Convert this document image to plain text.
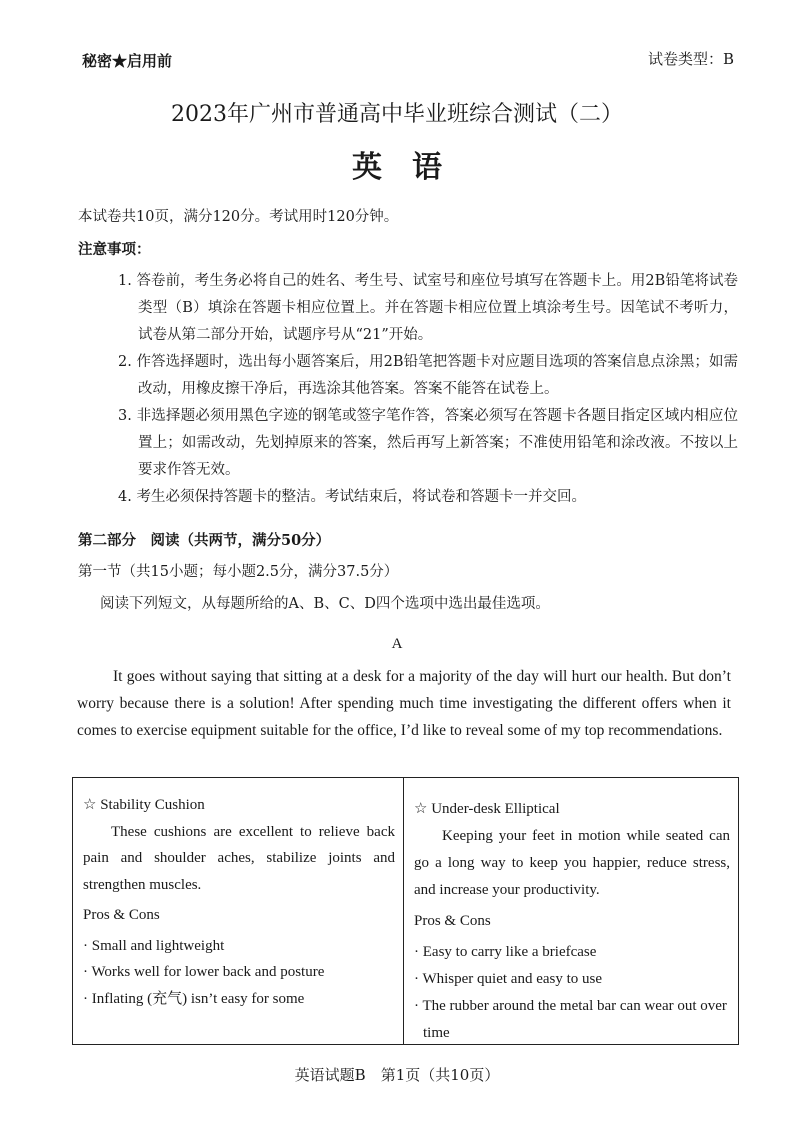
秘密★启用前	试卷类型：B
2023年广州市普通高中毕业班综合测试（二）
英语
本试卷共10页，满分120分。考试用时120分钟。
注意事项：
1. 答卷前，考生务必将自己的姓名、考生号、试室号和座位号填写在答题卡上。用2B铅笔将试卷类型（B）填涂在答题卡相应位置上。并在答题卡相应位置上填涂考生号。因笔试不考听力，试卷从第二部分开始，试题序号从“21”开始。
2. 作答选择题时，选出每小题答案后，用2B铅笔把答题卡对应题目选项的答案信息点涂黑；如需改动，用橡皮擦干净后，再选涂其他答案。答案不能答在试卷上。
3. 非选择题必须用黑色字迹的钢笔或签字笔作答，答案必须写在答题卡各题目指定区域内相应位置上；如需改动，先划掉原来的答案，然后再写上新答案；不准使用铅笔和涂改液。不按以上要求作答无效。
4. 考生必须保持答题卡的整洁。考试结束后，将试卷和答题卡一并交回。
第二部分　阅读（共两节，满分50分）
第一节（共15小题；每小题2.5分，满分37.5分）
阅读下列短文，从每题所给的A、B、C、D四个选项中选出最佳选项。
A
It goes without saying that sitting at a desk for a majority of the day will hurt our health. But don’t worry because there is a solution! After spending much time investigating the different offers when it comes to exercise equipment suitable for the office, I’d like to reveal some of my top recommendations.
☆ Stability Cushion
These cushions are excellent to relieve back pain and shoulder aches, stabilize joints and strengthen muscles.
Pros & Cons
· Small and lightweight
· Works well for lower back and posture
· Inflating (充气) isn’t easy for some
☆ Under-desk Elliptical
Keeping your feet in motion while seated can go a long way to keep you happier, reduce stress, and increase your productivity.
Pros & Cons
· Easy to carry like a briefcase
· Whisper quiet and easy to use
· The rubber around the metal bar can wear out over time
英语试题B　第1页（共10页）
